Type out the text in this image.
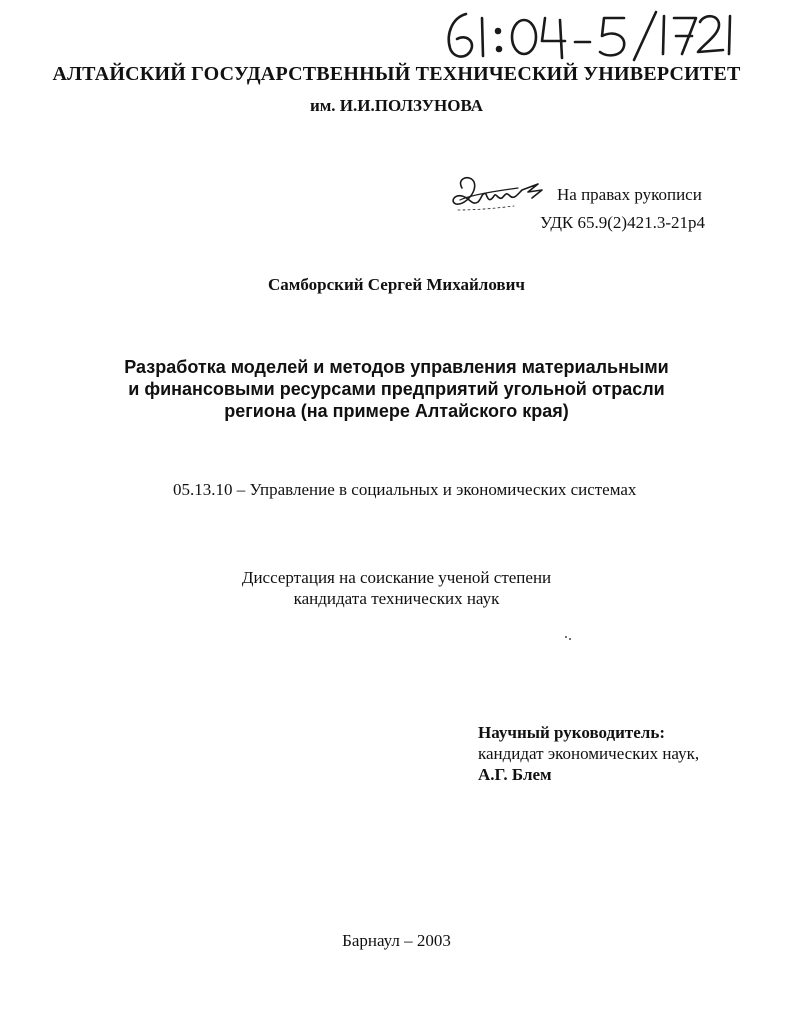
АЛТАЙСКИЙ ГОСУДАРСТВЕННЫЙ ТЕХНИЧЕСКИЙ УНИВЕРСИТЕТ
им. И.И.ПОЛЗУНОВА
На правах рукописи
УДК 65.9(2)421.3-21р4
Самборский Сергей Михайлович
Разработка моделей и методов управления материальными
и финансовыми ресурсами предприятий угольной отрасли
региона (на примере Алтайского края)
05.13.10 – Управление в социальных и экономических системах
Диссертация на соискание ученой степени
кандидата технических наук
Научный руководитель:
кандидат экономических наук,
А.Г. Блем
Барнаул – 2003
